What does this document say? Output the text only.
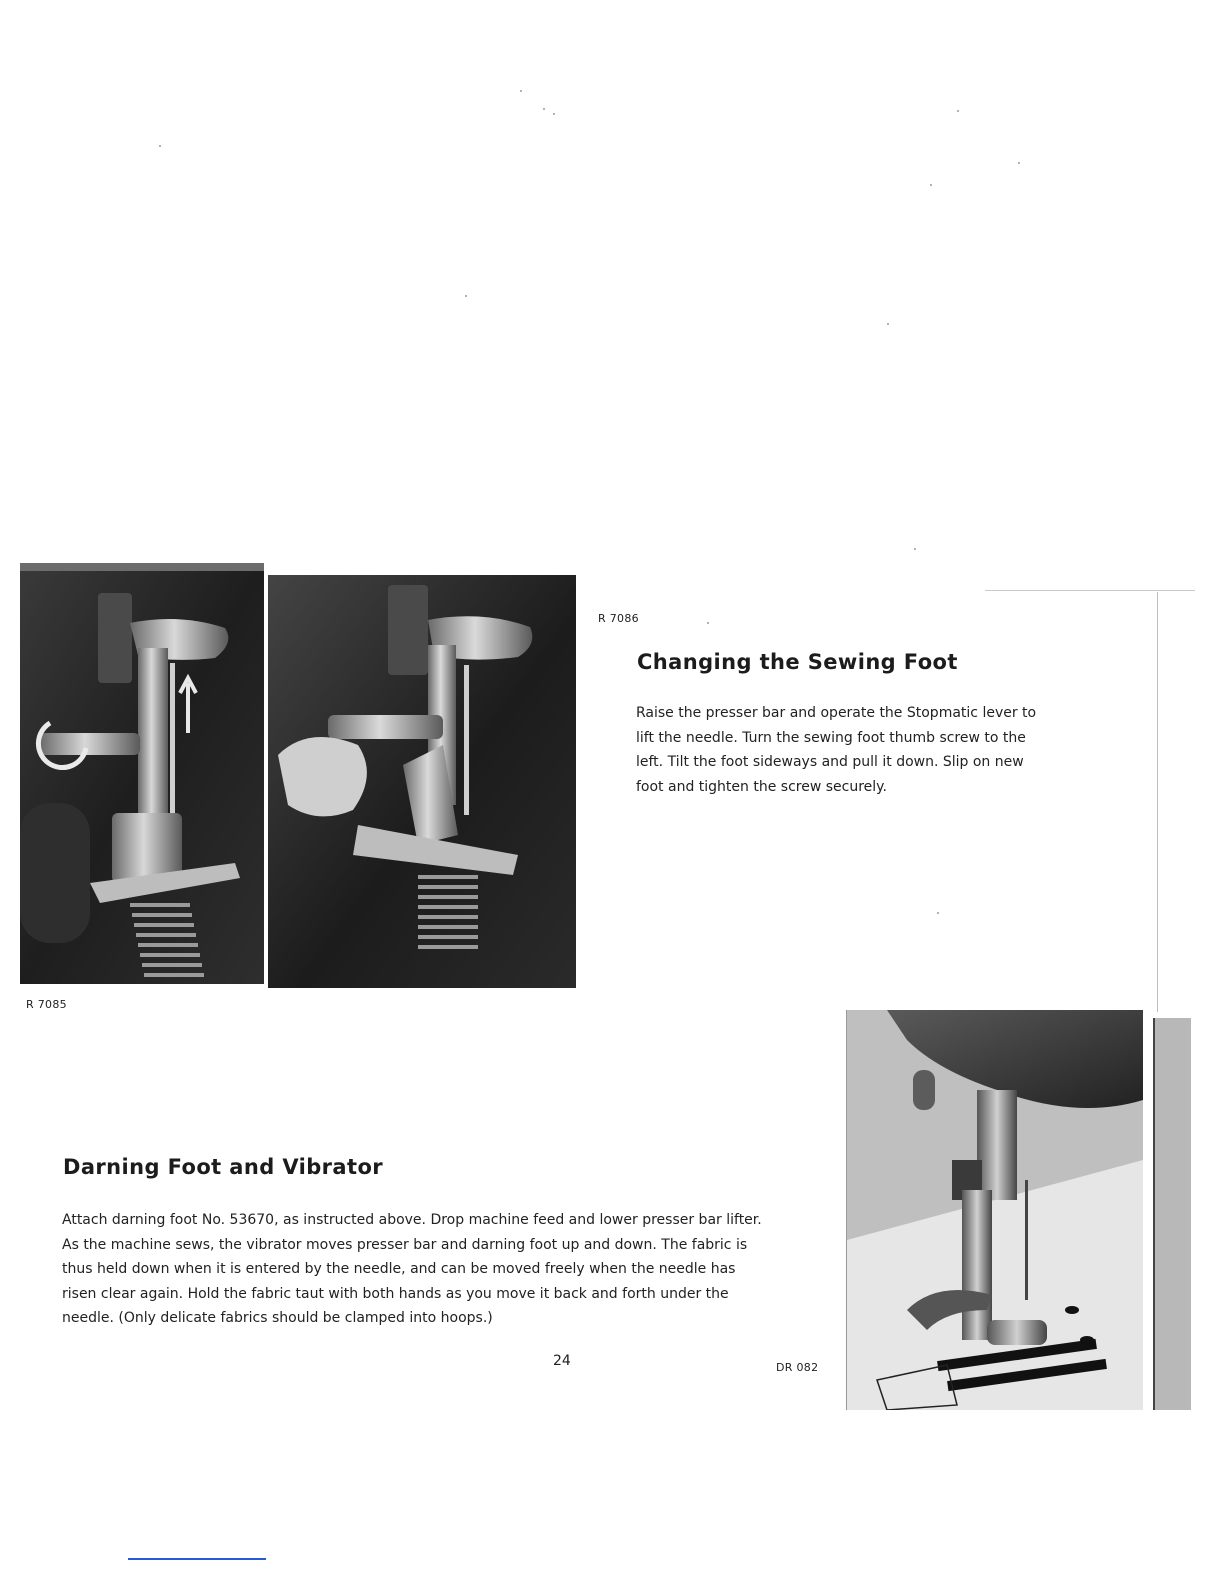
R 7085
R 7086
Changing the Sewing Foot

Raise the presser bar and operate the Stopmatic lever to lift the needle. Turn the sewing foot thumb screw to the left. Tilt the foot sideways and pull it down. Slip on new foot and tighten the screw securely.

Darning Foot and Vibrator

Attach darning foot No. 53670, as instructed above. Drop machine feed and lower presser bar lifter. As the machine sews, the vibrator moves presser bar and darning foot up and down. The fabric is thus held down when it is entered by the needle, and can be moved freely when the needle has risen clear again. Hold the fabric taut with both hands as you move it back and forth under the needle. (Only delicate fabrics should be clamped into hoops.)

24	DR 082
